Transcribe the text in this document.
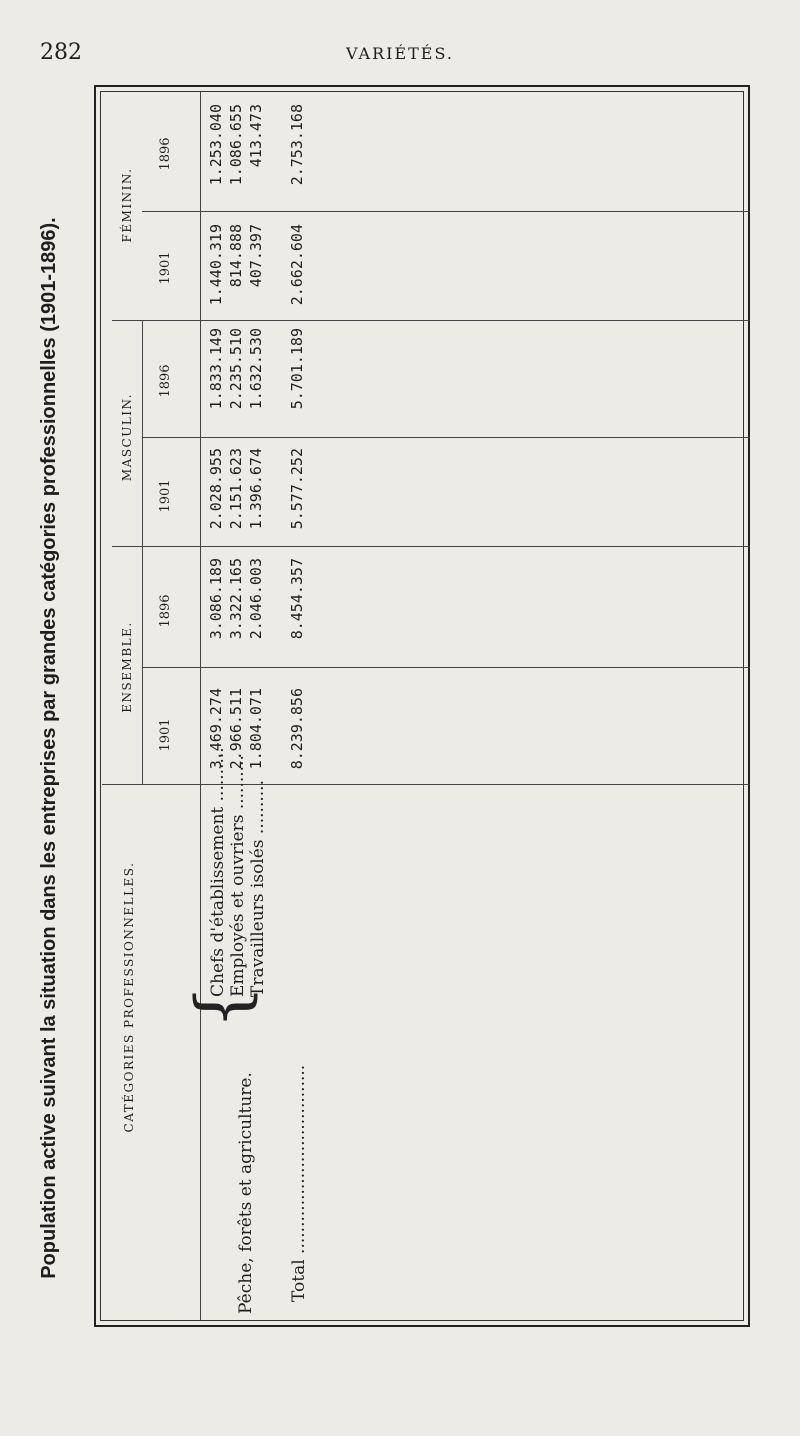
282	VARIÉTÉS.
Population active suivant la situation dans les entreprises par grandes catégories professionnelles (1901-1896).	CATÉGORIES PROFESSIONNELLES.
ENSEMBLE.
MASCULIN.
FÉMININ.
1901
1896
1901
1896
1901
1896
Pêche, forêts et agriculture.
{
Chefs d'établissement ..........
3.469.274
3.086.189
2.028.955
1.833.149
1.440.319
1.253.040
Employés et ouvriers ..........
2.966.511
3.322.165
2.151.623
2.235.510
814.888
1.086.655
Travailleurs isolés ..........
1.804.071
2.046.003
1.396.674
1.632.530
407.397
413.473
Total ...................................
8.239.856
8.454.357
5.577.252
5.701.189
2.662.604
2.753.168
